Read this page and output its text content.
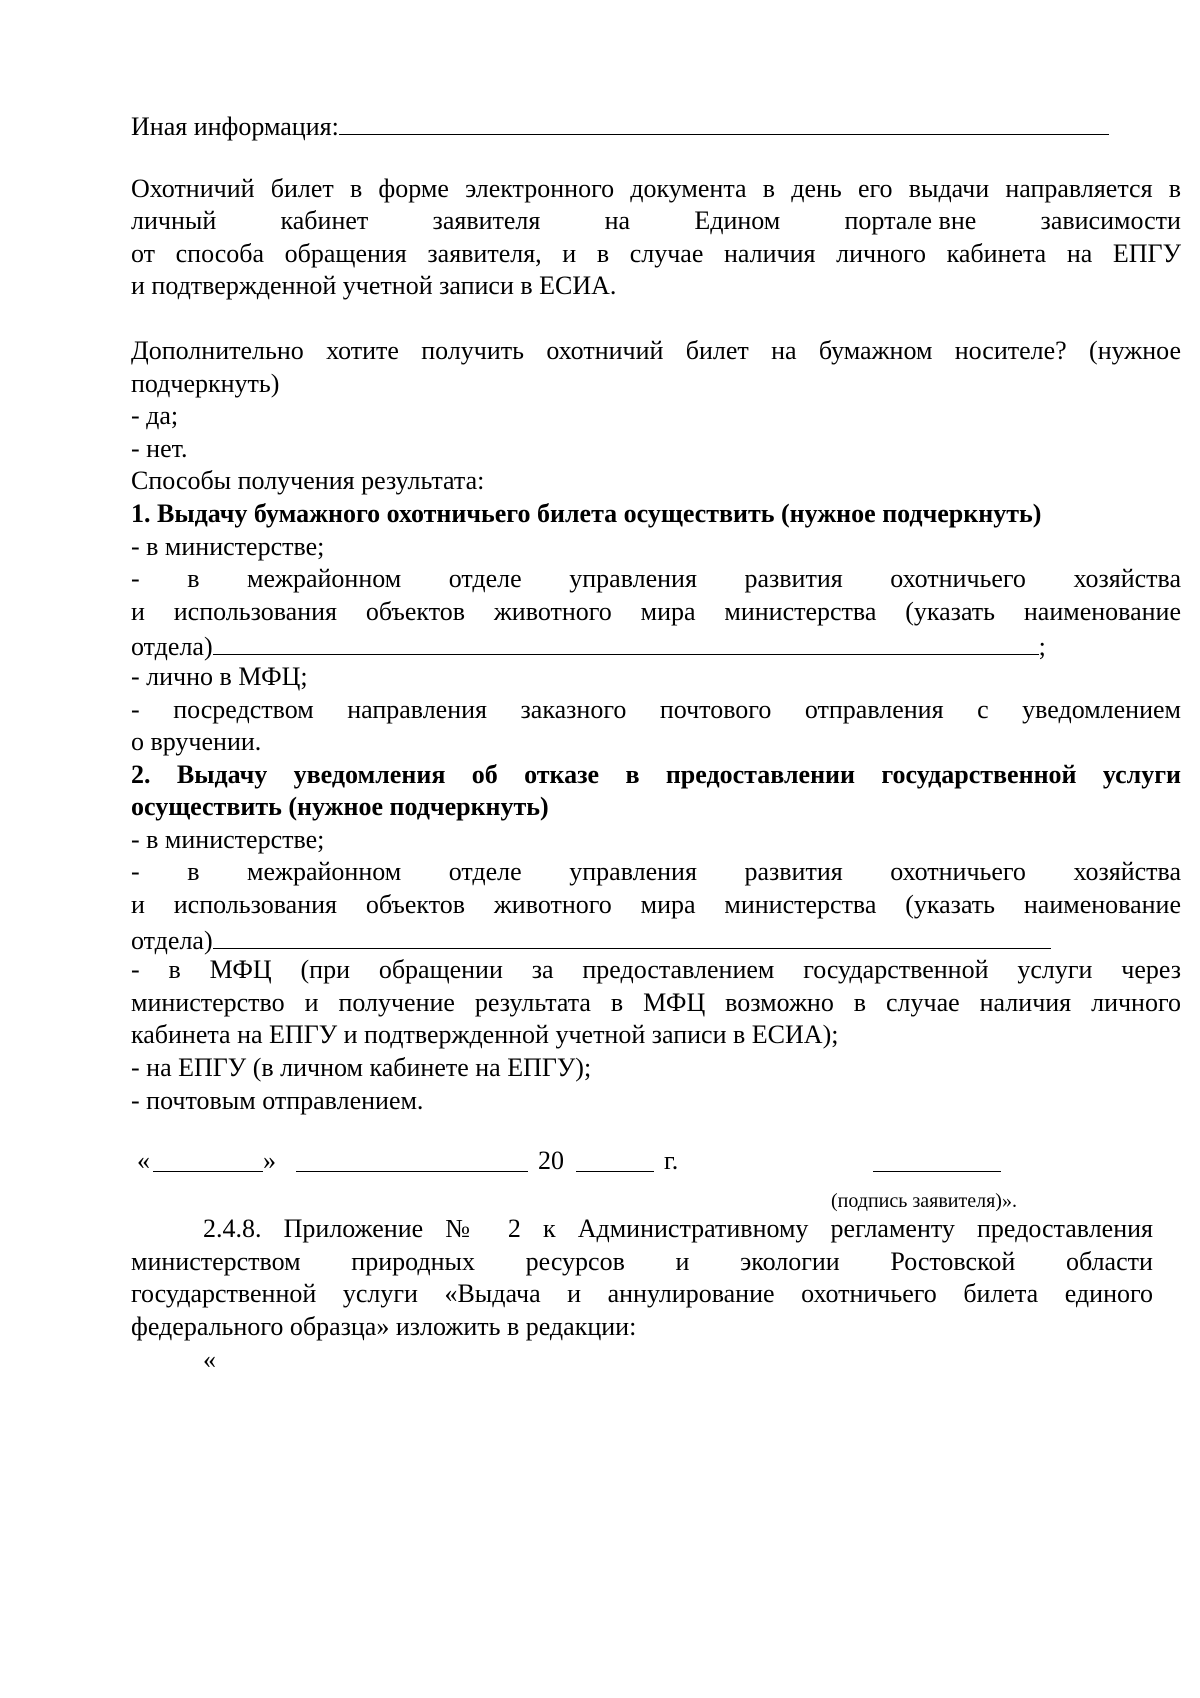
Иная информация:
Охотничий билет в форме электронного документа в день его выдачи направляется в
личный кабинет заявителя на Едином портале вне зависимости
от способа обращения заявителя, и в случае наличия личного кабинета на ЕПГУ
и подтвержденной учетной записи в ЕСИА.
Дополнительно хотите получить охотничий билет на бумажном носителе? (нужное
подчеркнуть)
- да;
- нет.
Способы получения результата:
1. Выдачу бумажного охотничьего билета осуществить (нужное подчеркнуть)
- в министерстве;
- в межрайонном отделе управления развития охотничьего хозяйства
и использования объектов животного мира министерства (указать наименование
отдела)	;
- лично в МФЦ;
- посредством направления заказного почтового отправления с уведомлением
о вручении.
2. Выдачу уведомления об отказе в предоставлении государственной услуги
осуществить (нужное подчеркнуть)
- в министерстве;
- в межрайонном отделе управления развития охотничьего хозяйства
и использования объектов животного мира министерства (указать наименование
отдела)
- в МФЦ (при обращении за предоставлением государственной услуги через
министерство и получение результата в МФЦ возможно в случае наличия личного
кабинета на ЕПГУ и подтвержденной учетной записи в ЕСИА);
- на ЕПГУ (в личном кабинете на ЕПГУ);
- почтовым отправлением.
«	»	20	г.
(подпись заявителя)».
2.4.8. Приложение № 2 к Административному регламенту предоставления
министерством природных ресурсов и экологии Ростовской области
государственной услуги «Выдача и аннулирование охотничьего билета единого
федерального образца» изложить в редакции:
«
